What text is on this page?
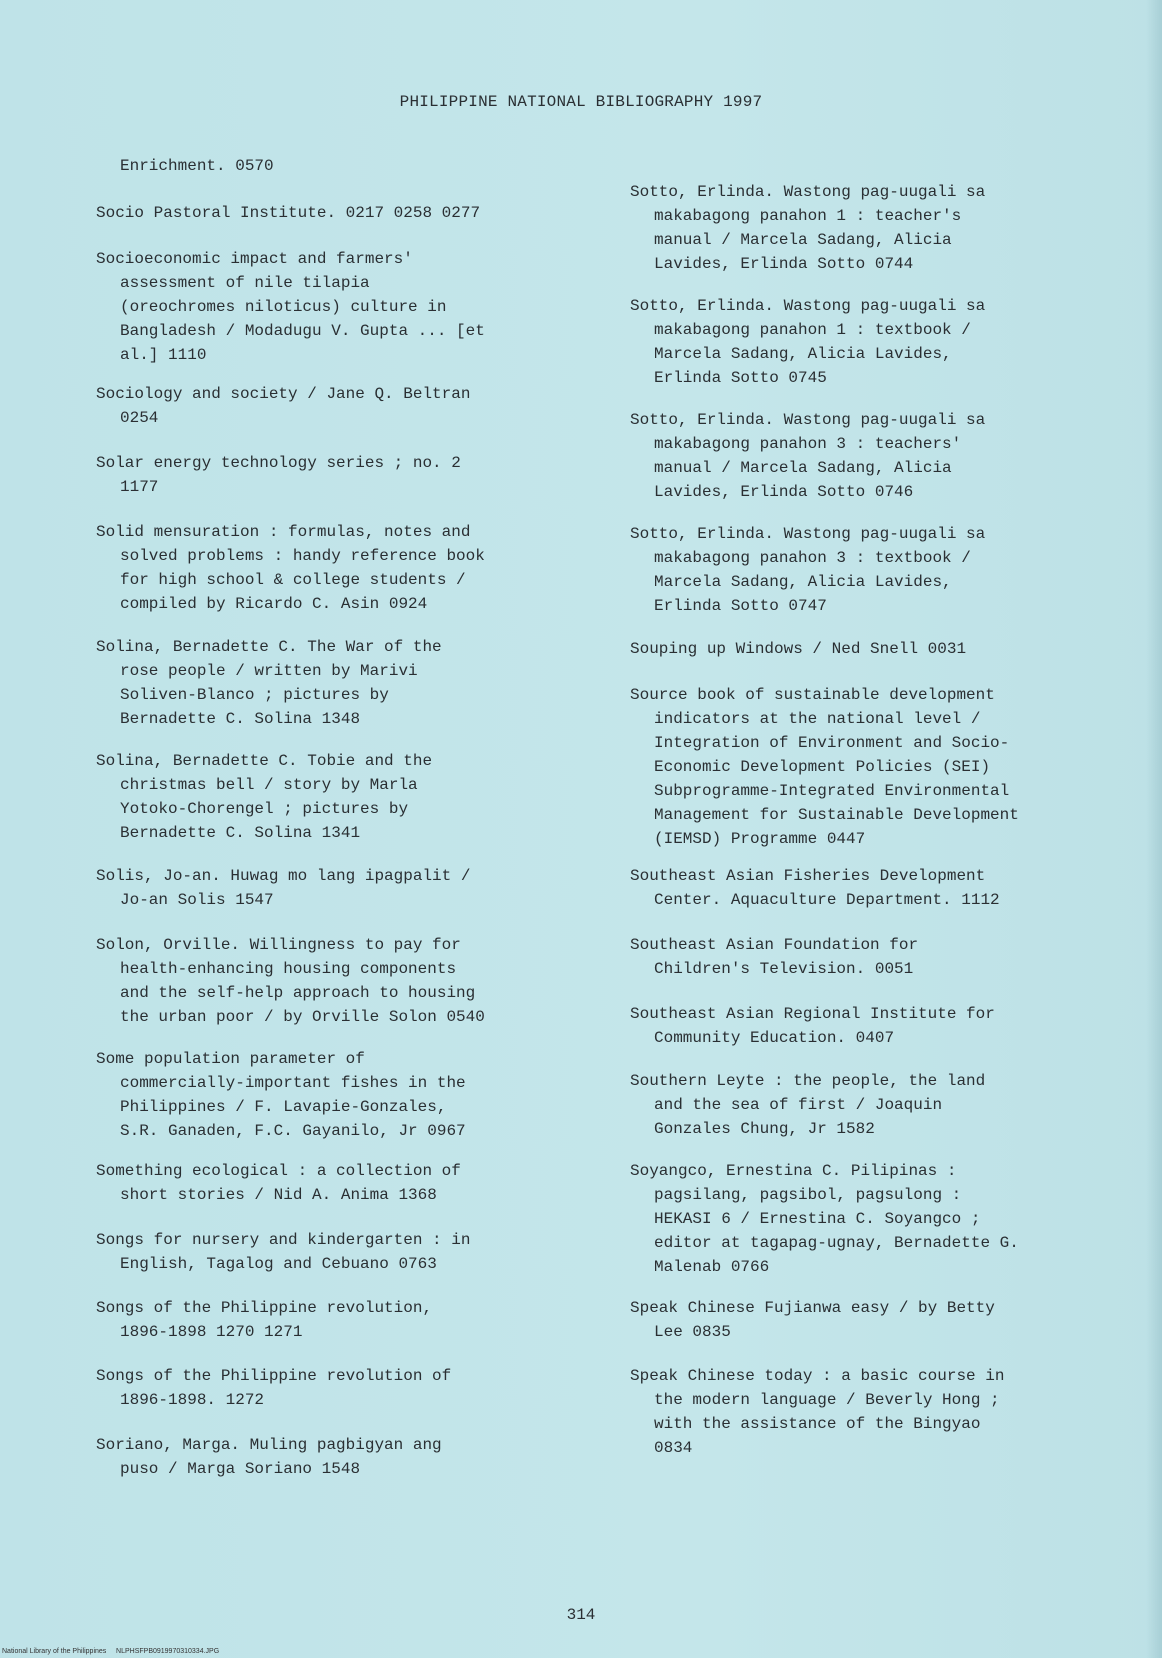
PHILIPPINE NATIONAL BIBLIOGRAPHY 1997
Enrichment. 0570
Socio Pastoral Institute. 0217 0258 0277
Socioeconomic impact and farmers'
assessment of nile tilapia
(oreochromes niloticus) culture in
Bangladesh / Modadugu V. Gupta ... [et
al.] 1110
Sociology and society / Jane Q. Beltran
0254
Solar energy technology series ; no. 2
1177
Solid mensuration : formulas, notes and
solved problems : handy reference book
for high school & college students /
compiled by Ricardo C. Asin 0924
Solina, Bernadette C. The War of the
rose people / written by Marivi
Soliven-Blanco ; pictures by
Bernadette C. Solina 1348
Solina, Bernadette C. Tobie and the
christmas bell / story by Marla
Yotoko-Chorengel ; pictures by
Bernadette C. Solina 1341
Solis, Jo-an. Huwag mo lang ipagpalit /
Jo-an Solis 1547
Solon, Orville. Willingness to pay for
health-enhancing housing components
and the self-help approach to housing
the urban poor / by Orville Solon 0540
Some population parameter of
commercially-important fishes in the
Philippines / F. Lavapie-Gonzales,
S.R. Ganaden, F.C. Gayanilo, Jr 0967
Something ecological : a collection of
short stories / Nid A. Anima 1368
Songs for nursery and kindergarten : in
English, Tagalog and Cebuano 0763
Songs of the Philippine revolution,
1896-1898 1270 1271
Songs of the Philippine revolution of
1896-1898. 1272
Soriano, Marga. Muling pagbigyan ang
puso / Marga Soriano 1548
Sotto, Erlinda. Wastong pag-uugali sa
makabagong panahon 1 : teacher's
manual / Marcela Sadang, Alicia
Lavides, Erlinda Sotto 0744
Sotto, Erlinda. Wastong pag-uugali sa
makabagong panahon 1 : textbook /
Marcela Sadang, Alicia Lavides,
Erlinda Sotto 0745
Sotto, Erlinda. Wastong pag-uugali sa
makabagong panahon 3 : teachers'
manual / Marcela Sadang, Alicia
Lavides, Erlinda Sotto 0746
Sotto, Erlinda. Wastong pag-uugali sa
makabagong panahon 3 : textbook /
Marcela Sadang, Alicia Lavides,
Erlinda Sotto 0747
Souping up Windows / Ned Snell 0031
Source book of sustainable development
indicators at the national level /
Integration of Environment and Socio-
Economic Development Policies (SEI)
Subprogramme-Integrated Environmental
Management for Sustainable Development
(IEMSD) Programme 0447
Southeast Asian Fisheries Development
Center. Aquaculture Department. 1112
Southeast Asian Foundation for
Children's Television. 0051
Southeast Asian Regional Institute for
Community Education. 0407
Southern Leyte : the people, the land
and the sea of first / Joaquin
Gonzales Chung, Jr 1582
Soyangco, Ernestina C. Pilipinas :
pagsilang, pagsibol, pagsulong :
HEKASI 6 / Ernestina C. Soyangco ;
editor at tagapag-ugnay, Bernadette G.
Malenab 0766
Speak Chinese Fujianwa easy / by Betty
Lee 0835
Speak Chinese today : a basic course in
the modern language / Beverly Hong ;
with the assistance of the Bingyao
0834
314
National Library of the Philippines NLPHSFPB0919970310334.JPG
